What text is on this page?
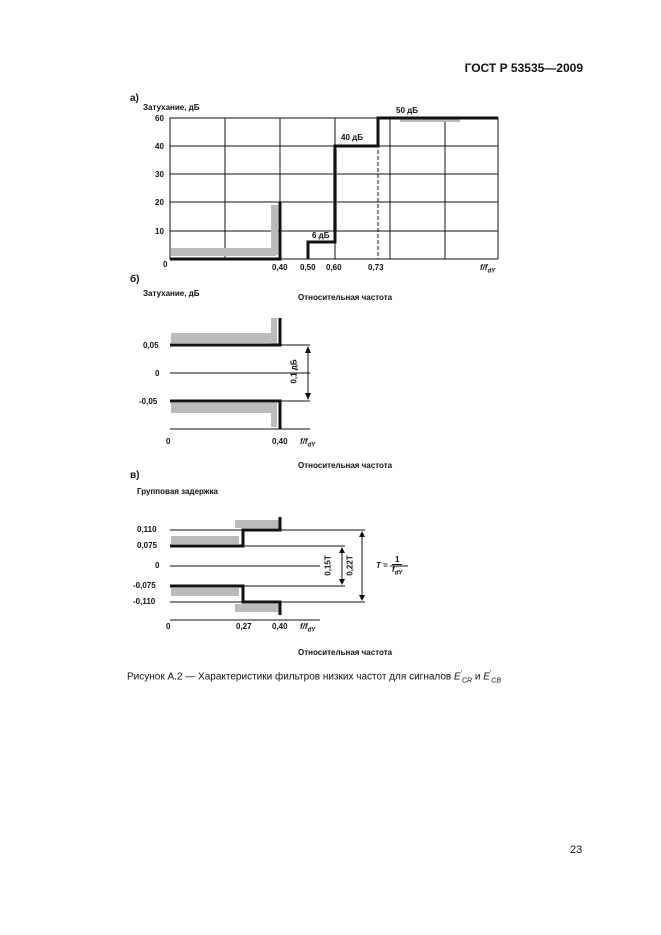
ГОСТ Р 53535—2009
а)
Затухание, дБ
60
40
30
20
10
0	0,40 0,50 0,60	0,73	$f/f_{dY}$
50 дБ
40 дБ
6 дБ
б)
Затухание, дБ	Относительная частота
0,05
0
-0,05
0	0,40 $f/f_{dY}$
0,1 дБ
Относительная частота
в)
Групповая задержка
0,110
0,075
0
-0,075
-0,110
0	0,27	0,40 $f/f_{dY}$
0,15Т 0,22Т	Т =
1
$f_{dY}$
Относительная частота
Рисунок А.2 — Характеристики фильтров низких частот для сигналов $E'_{CR}$ и $E'_{CB}$
23
